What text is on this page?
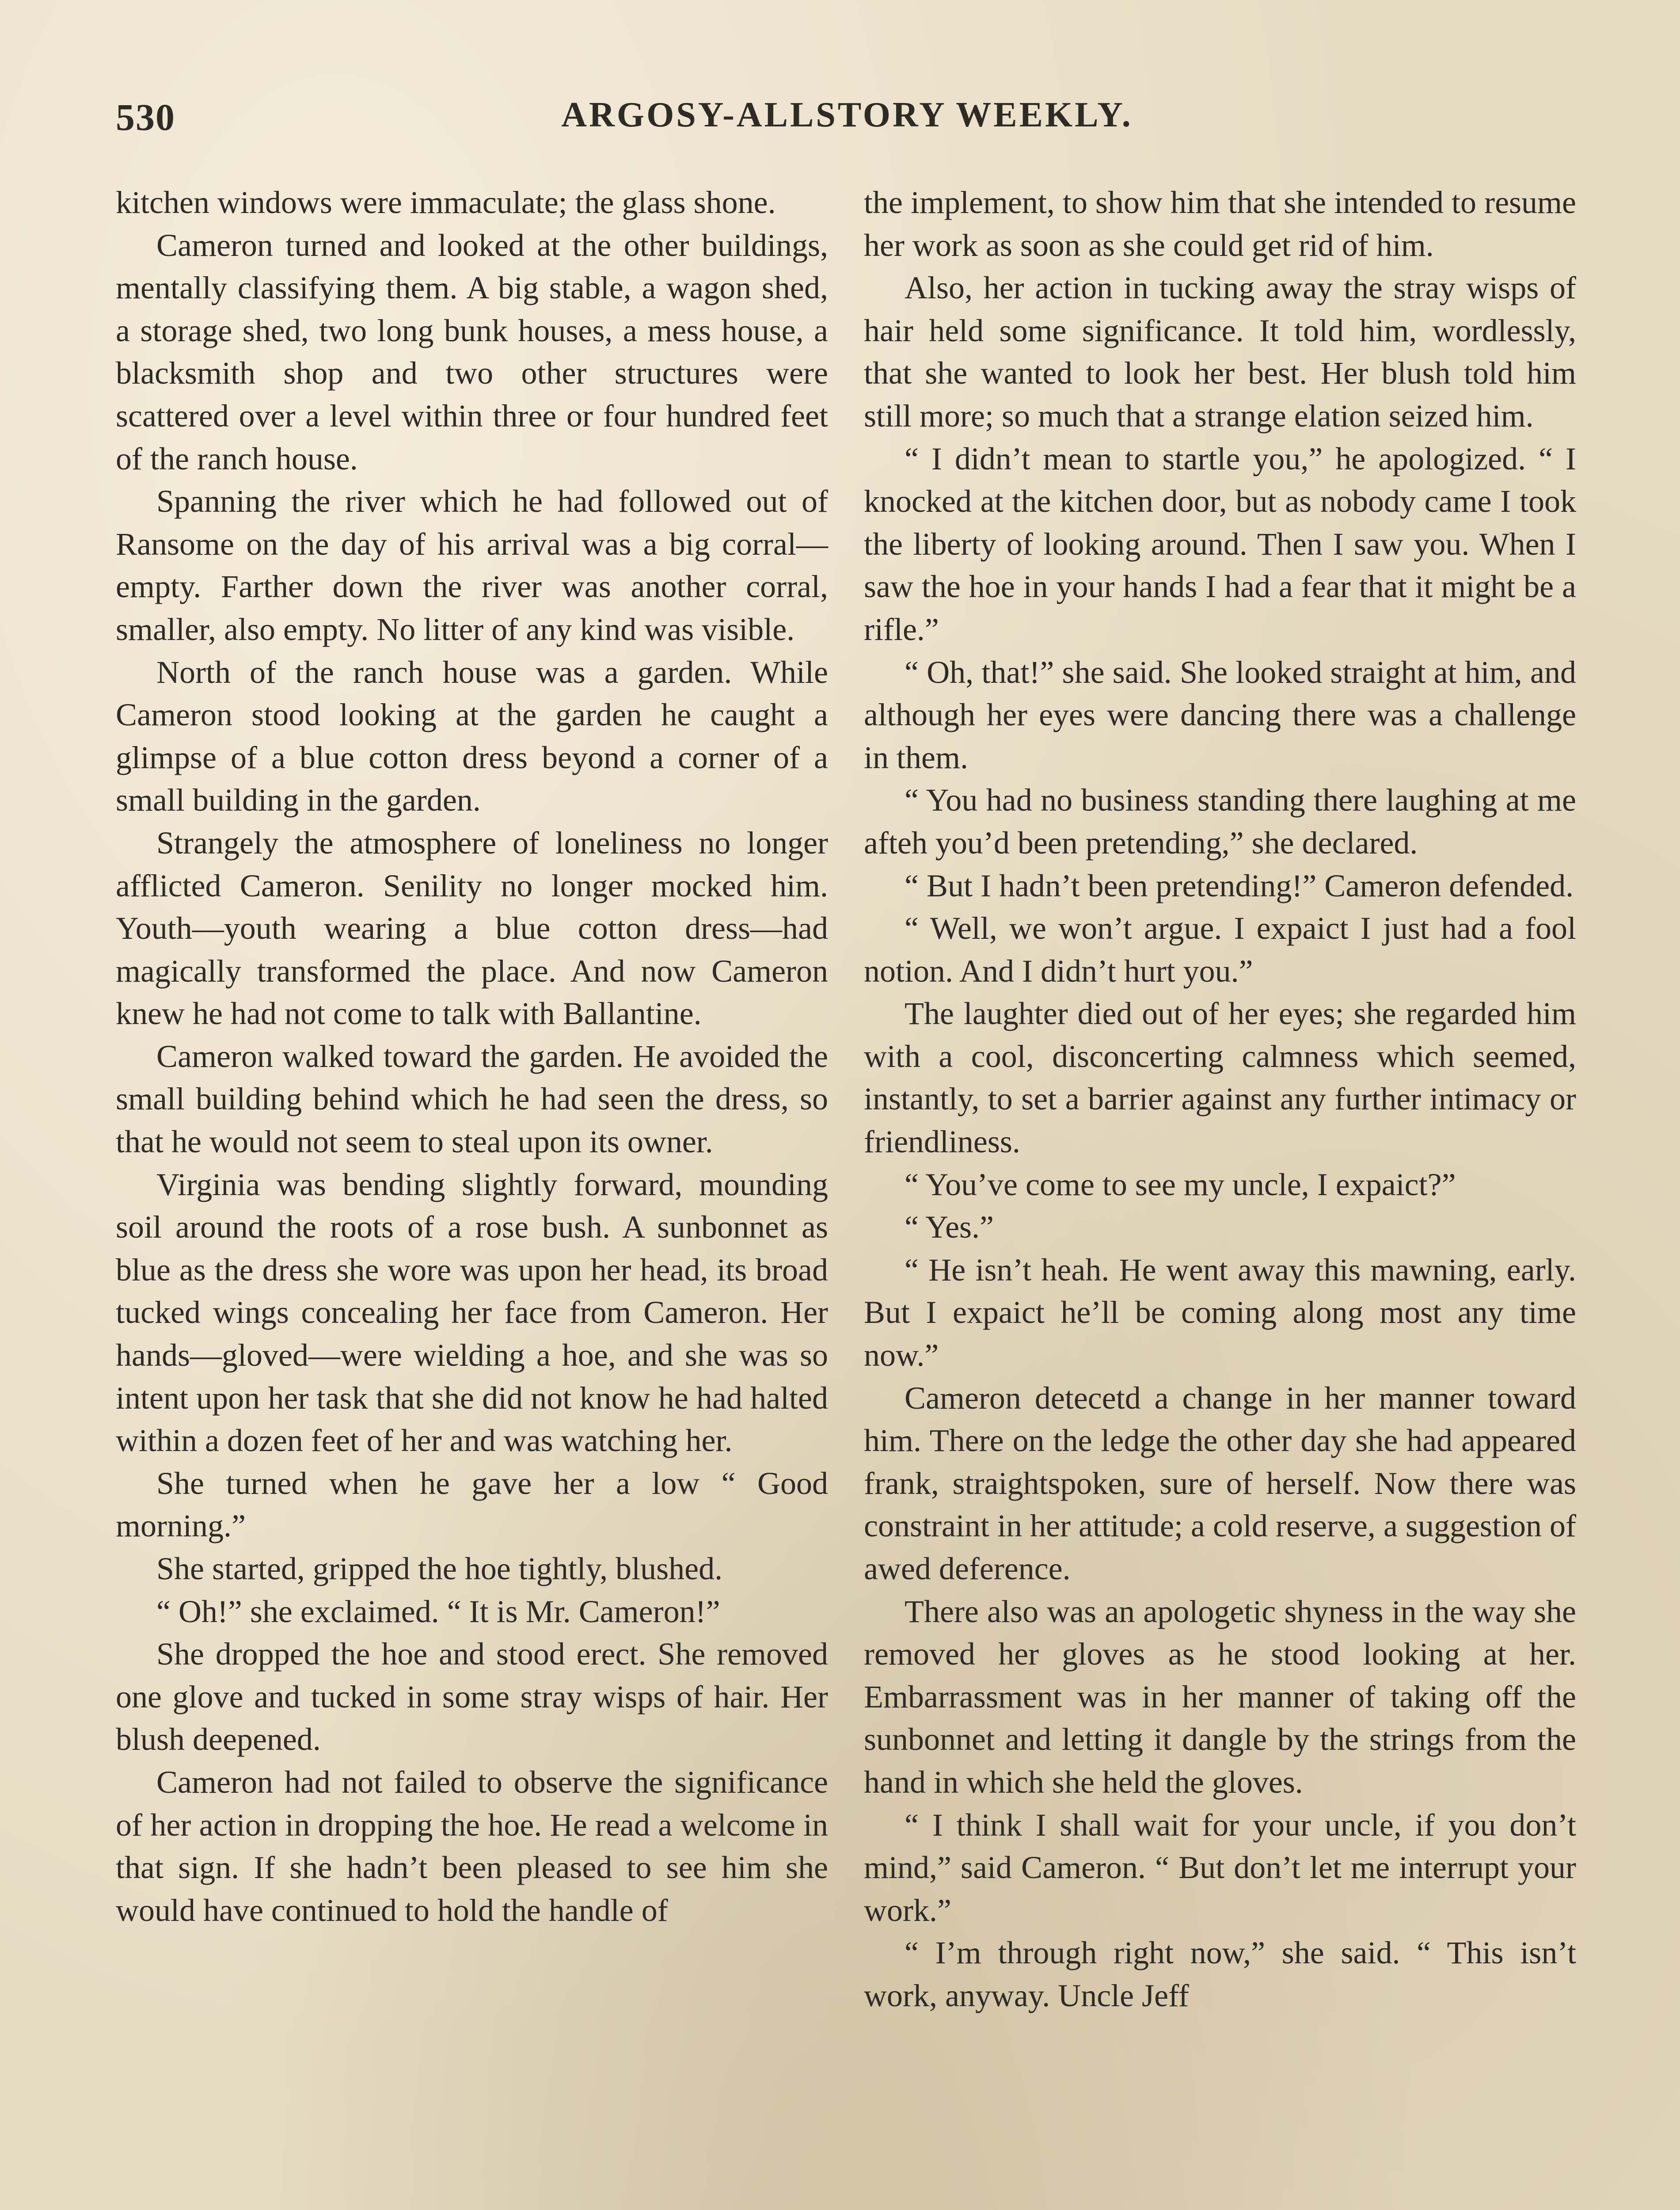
530	ARGOSY-ALLSTORY WEEKLY.

kitchen windows were immaculate; the glass shone.

Cameron turned and looked at the other buildings, mentally classifying them. A big stable, a wagon shed, a storage shed, two long bunk houses, a mess house, a blacksmith shop and two other structures were scattered over a level within three or four hundred feet of the ranch house.

Spanning the river which he had followed out of Ransome on the day of his arrival was a big corral—empty. Farther down the river was another corral, smaller, also empty. No litter of any kind was visible.

North of the ranch house was a garden. While Cameron stood looking at the garden he caught a glimpse of a blue cotton dress beyond a corner of a small building in the garden.

Strangely the atmosphere of loneliness no longer afflicted Cameron. Senility no longer mocked him. Youth—youth wearing a blue cotton dress—had magically transformed the place. And now Cameron knew he had not come to talk with Ballantine.

Cameron walked toward the garden. He avoided the small building behind which he had seen the dress, so that he would not seem to steal upon its owner.

Virginia was bending slightly forward, mounding soil around the roots of a rose bush. A sunbonnet as blue as the dress she wore was upon her head, its broad tucked wings concealing her face from Cameron. Her hands—gloved—were wielding a hoe, and she was so intent upon her task that she did not know he had halted within a dozen feet of her and was watching her.

She turned when he gave her a low “ Good morning.”

She started, gripped the hoe tightly, blushed.

“ Oh!” she exclaimed. “ It is Mr. Cameron!”

She dropped the hoe and stood erect. She removed one glove and tucked in some stray wisps of hair. Her blush deepened.

Cameron had not failed to observe the significance of her action in dropping the hoe. He read a welcome in that sign. If she hadn’t been pleased to see him she would have continued to hold the handle of

the implement, to show him that she intended to resume her work as soon as she could get rid of him.

Also, her action in tucking away the stray wisps of hair held some significance. It told him, wordlessly, that she wanted to look her best. Her blush told him still more; so much that a strange elation seized him.

“ I didn’t mean to startle you,” he apologized. “ I knocked at the kitchen door, but as nobody came I took the liberty of looking around. Then I saw you. When I saw the hoe in your hands I had a fear that it might be a rifle.”

“ Oh, that!” she said. She looked straight at him, and although her eyes were dancing there was a challenge in them.

“ You had no business standing there laughing at me afteh you’d been pretending,” she declared.

“ But I hadn’t been pretending!” Cameron defended.

“ Well, we won’t argue. I expaict I just had a fool notion. And I didn’t hurt you.”

The laughter died out of her eyes; she regarded him with a cool, disconcerting calmness which seemed, instantly, to set a barrier against any further intimacy or friendliness.

“ You’ve come to see my uncle, I expaict?”

“ Yes.”

“ He isn’t heah. He went away this mawning, early. But I expaict he’ll be coming along most any time now.”

Cameron detecetd a change in her manner toward him. There on the ledge the other day she had appeared frank, straightspoken, sure of herself. Now there was constraint in her attitude; a cold reserve, a suggestion of awed deference.

There also was an apologetic shyness in the way she removed her gloves as he stood looking at her. Embarrassment was in her manner of taking off the sunbonnet and letting it dangle by the strings from the hand in which she held the gloves.

“ I think I shall wait for your uncle, if you don’t mind,” said Cameron. “ But don’t let me interrupt your work.”

“ I’m through right now,” she said. “ This isn’t work, anyway. Uncle Jeff
